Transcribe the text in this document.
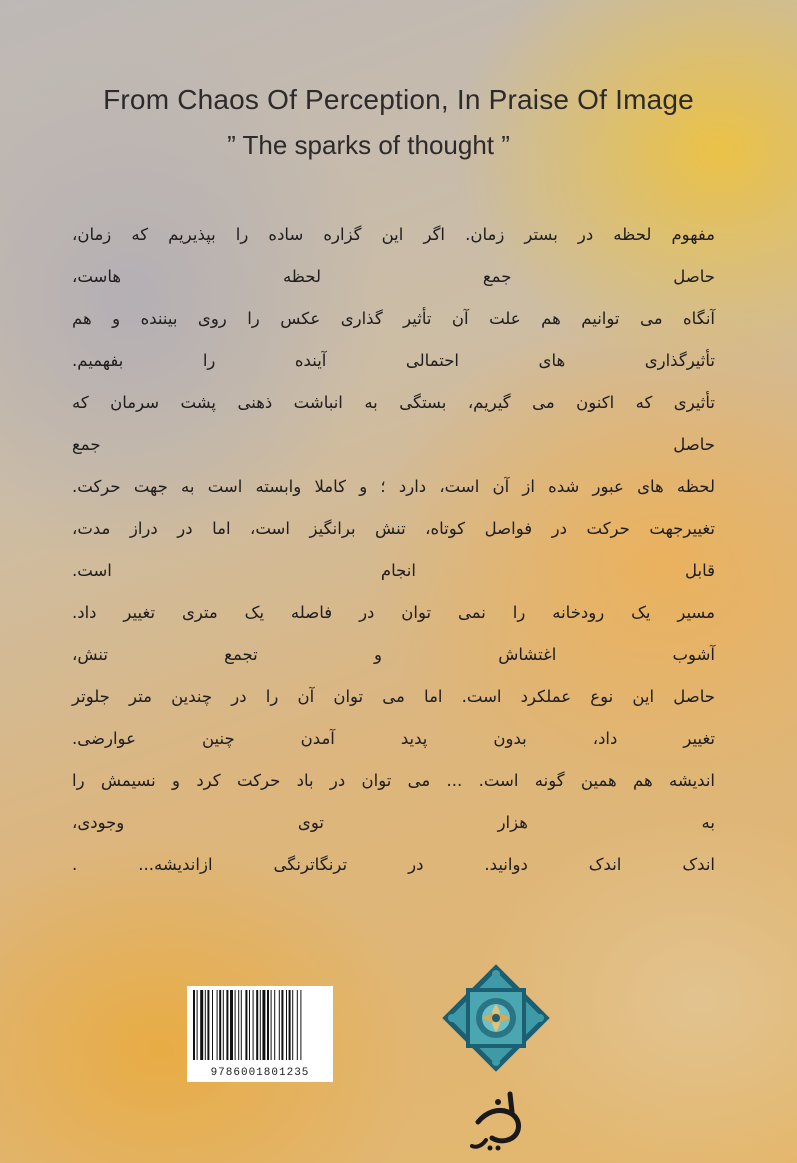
From Chaos Of Perception, In Praise Of Image
” The sparks of thought ”
مفهوم لحظه در بستر زمان. اگر این گزاره ساده را بپذیریم که زمان،
حاصل جمع لحظه هاست،
آنگاه می توانیم هم علت آن تأثیر گذاری عکس را روی بیننده و هم
تأثیرگذاری های احتمالی آینده را بفهمیم.
تأثیری که اکنون می گیریم، بستگی به انباشت ذهنی پشت سرمان که
حاصل جمع
لحظه های عبور شده از آن است، دارد ؛ و کاملا وابسته است به جهت حرکت.
تغییرجهت حرکت در فواصل کوتاه، تنش برانگیز است، اما در دراز مدت،
قابل انجام است.
مسیر یک رودخانه را نمی توان در فاصله یک متری تغییر داد.
آشوب اغتشاش و تجمع تنش،
حاصل این نوع عملکرد است. اما می توان آن را در چندین متر جلوتر
تغییر داد، بدون پدید آمدن چنین عوارضی.
اندیشه هم همین گونه است. ... می توان در باد حرکت کرد و نسیمش را
به هزار توی وجودی،
اندک اندک دوانید. در ترنگاترنگی ازاندیشه... .
9786001801235
